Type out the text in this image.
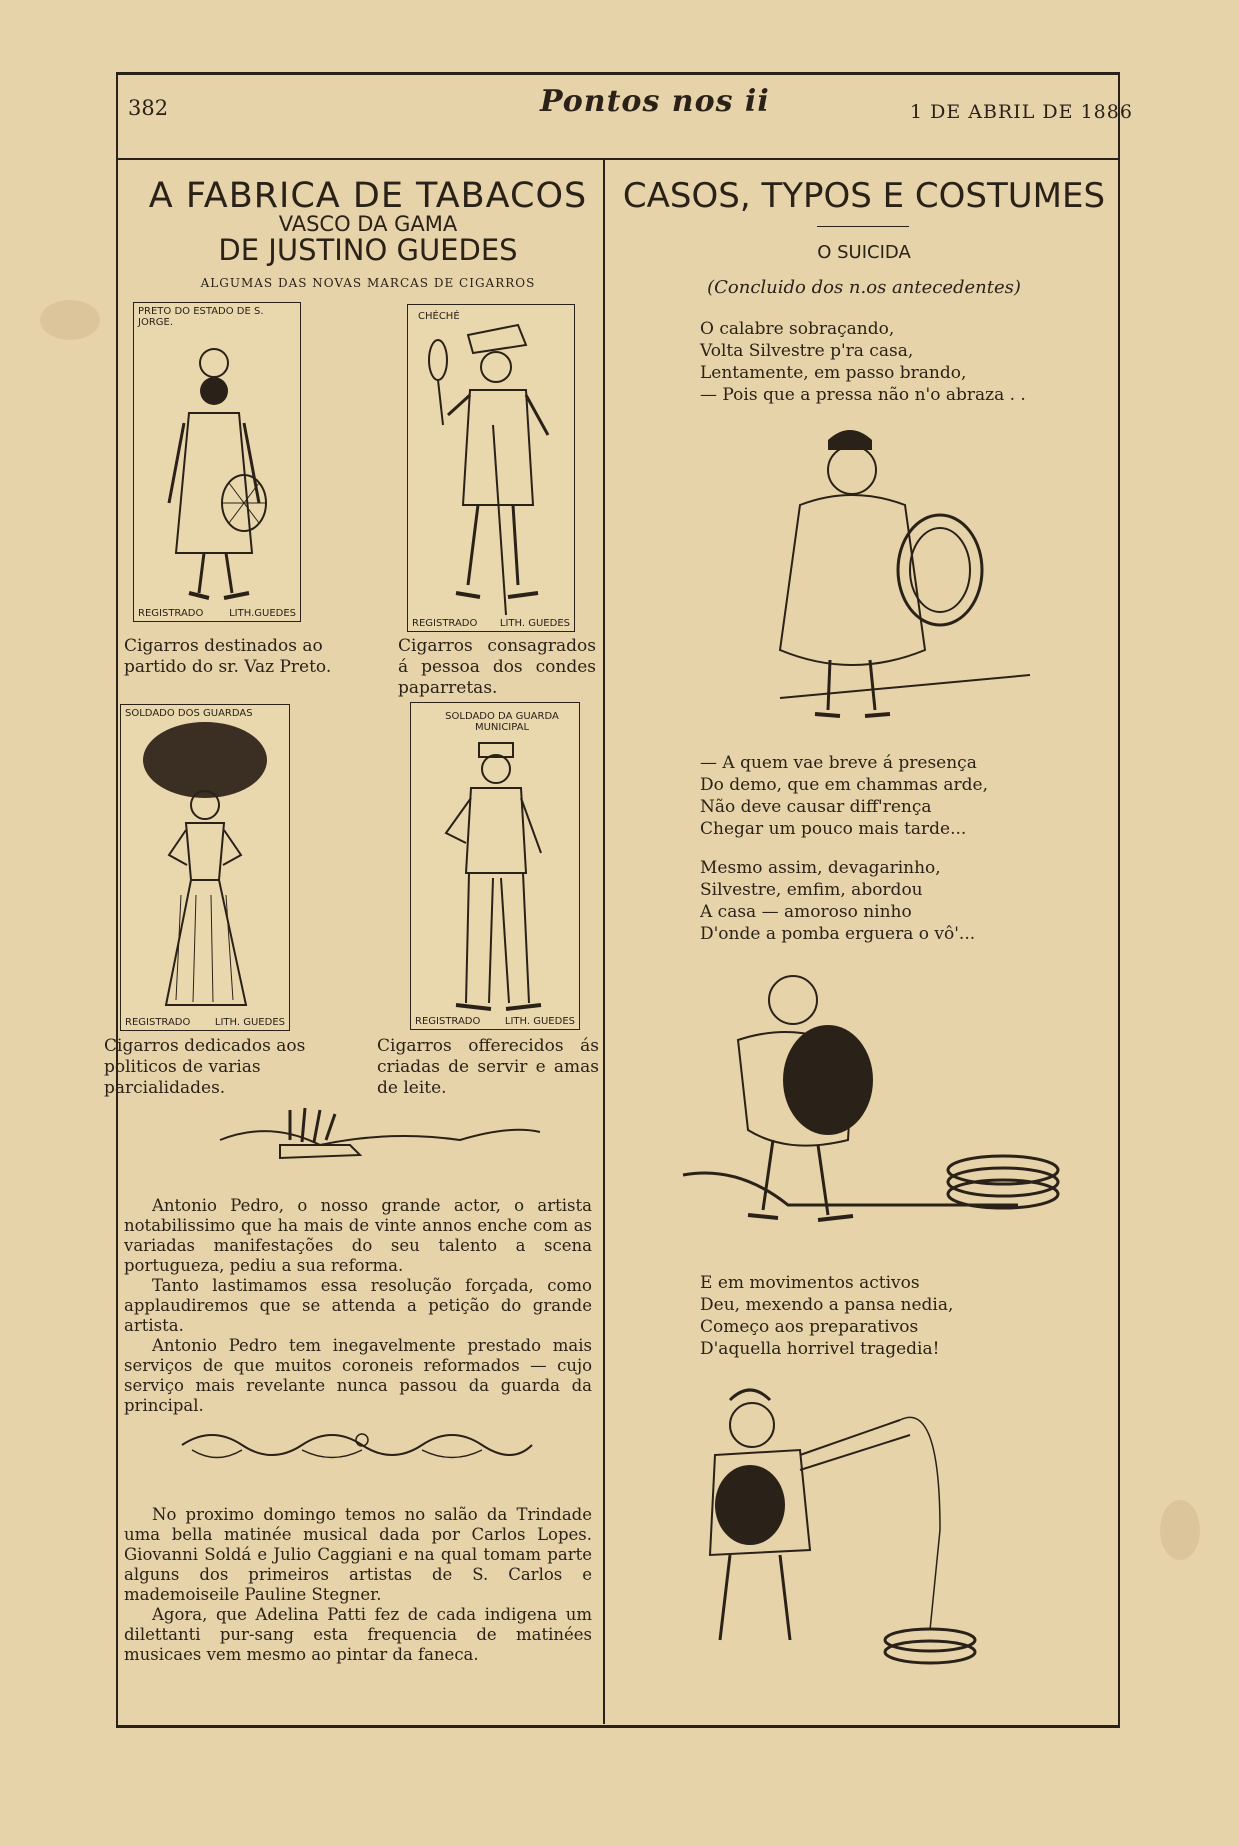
382	Pontos nos ii	1 DE ABRIL DE 1886
A FABRICA DE TABACOS
VASCO DA GAMA
DE JUSTINO GUEDES
ALGUMAS DAS NOVAS MARCAS DE CIGARROS
PRETO DO ESTADO DE S. JORGE.
REGISTRADO	LITH.GUEDES
Cigarros destinados ao partido do sr. Vaz Preto.
CHÉCHÉ
REGISTRADO LITH. GUEDES
Cigarros consagrados á pessoa dos condes paparretas.
SOLDADO DOS GUARDAS
REGISTRADO LITH. GUEDES
Cigarros dedicados aos politicos de varias parcialidades.
SOLDADO DA GUARDA MUNICIPAL
REGISTRADO LITH. GUEDES
Cigarros offerecidos ás criadas de servir e amas de leite.

Antonio Pedro, o nosso grande actor, o artista notabilissimo que ha mais de vinte annos enche com as variadas manifestações do seu talento a scena portugueza, pediu a sua reforma.

Tanto lastimamos essa resolução forçada, como applaudiremos que se attenda a petição do grande artista.

Antonio Pedro tem inegavelmente prestado mais serviços de que muitos coroneis reformados — cujo serviço mais revelante nunca passou da guarda da principal.

No proximo domingo temos no salão da Trindade uma bella matinée musical dada por Carlos Lopes. Giovanni Soldá e Julio Caggiani e na qual tomam parte alguns dos primeiros artistas de S. Carlos e mademoiseile Pauline Stegner.

Agora, que Adelina Patti fez de cada indigena um dilettanti pur-sang esta frequencia de matinées musicaes vem mesmo ao pintar da faneca.

CASOS, TYPOS E COSTUMES
O SUICIDA
(Concluido dos n.os antecedentes)
O calabre sobraçando,
Volta Silvestre p'ra casa,
Lentamente, em passo brando,
— Pois que a pressa não n'o abraza . .
— A quem vae breve á presença
Do demo, que em chammas arde,
Não deve causar diff'rença
Chegar um pouco mais tarde...
Mesmo assim, devagarinho,
Silvestre, emfim, abordou
A casa — amoroso ninho
D'onde a pomba erguera o vô'...
E em movimentos activos
Deu, mexendo a pansa nedia,
Começo aos preparativos
D'aquella horrivel tragedia!
